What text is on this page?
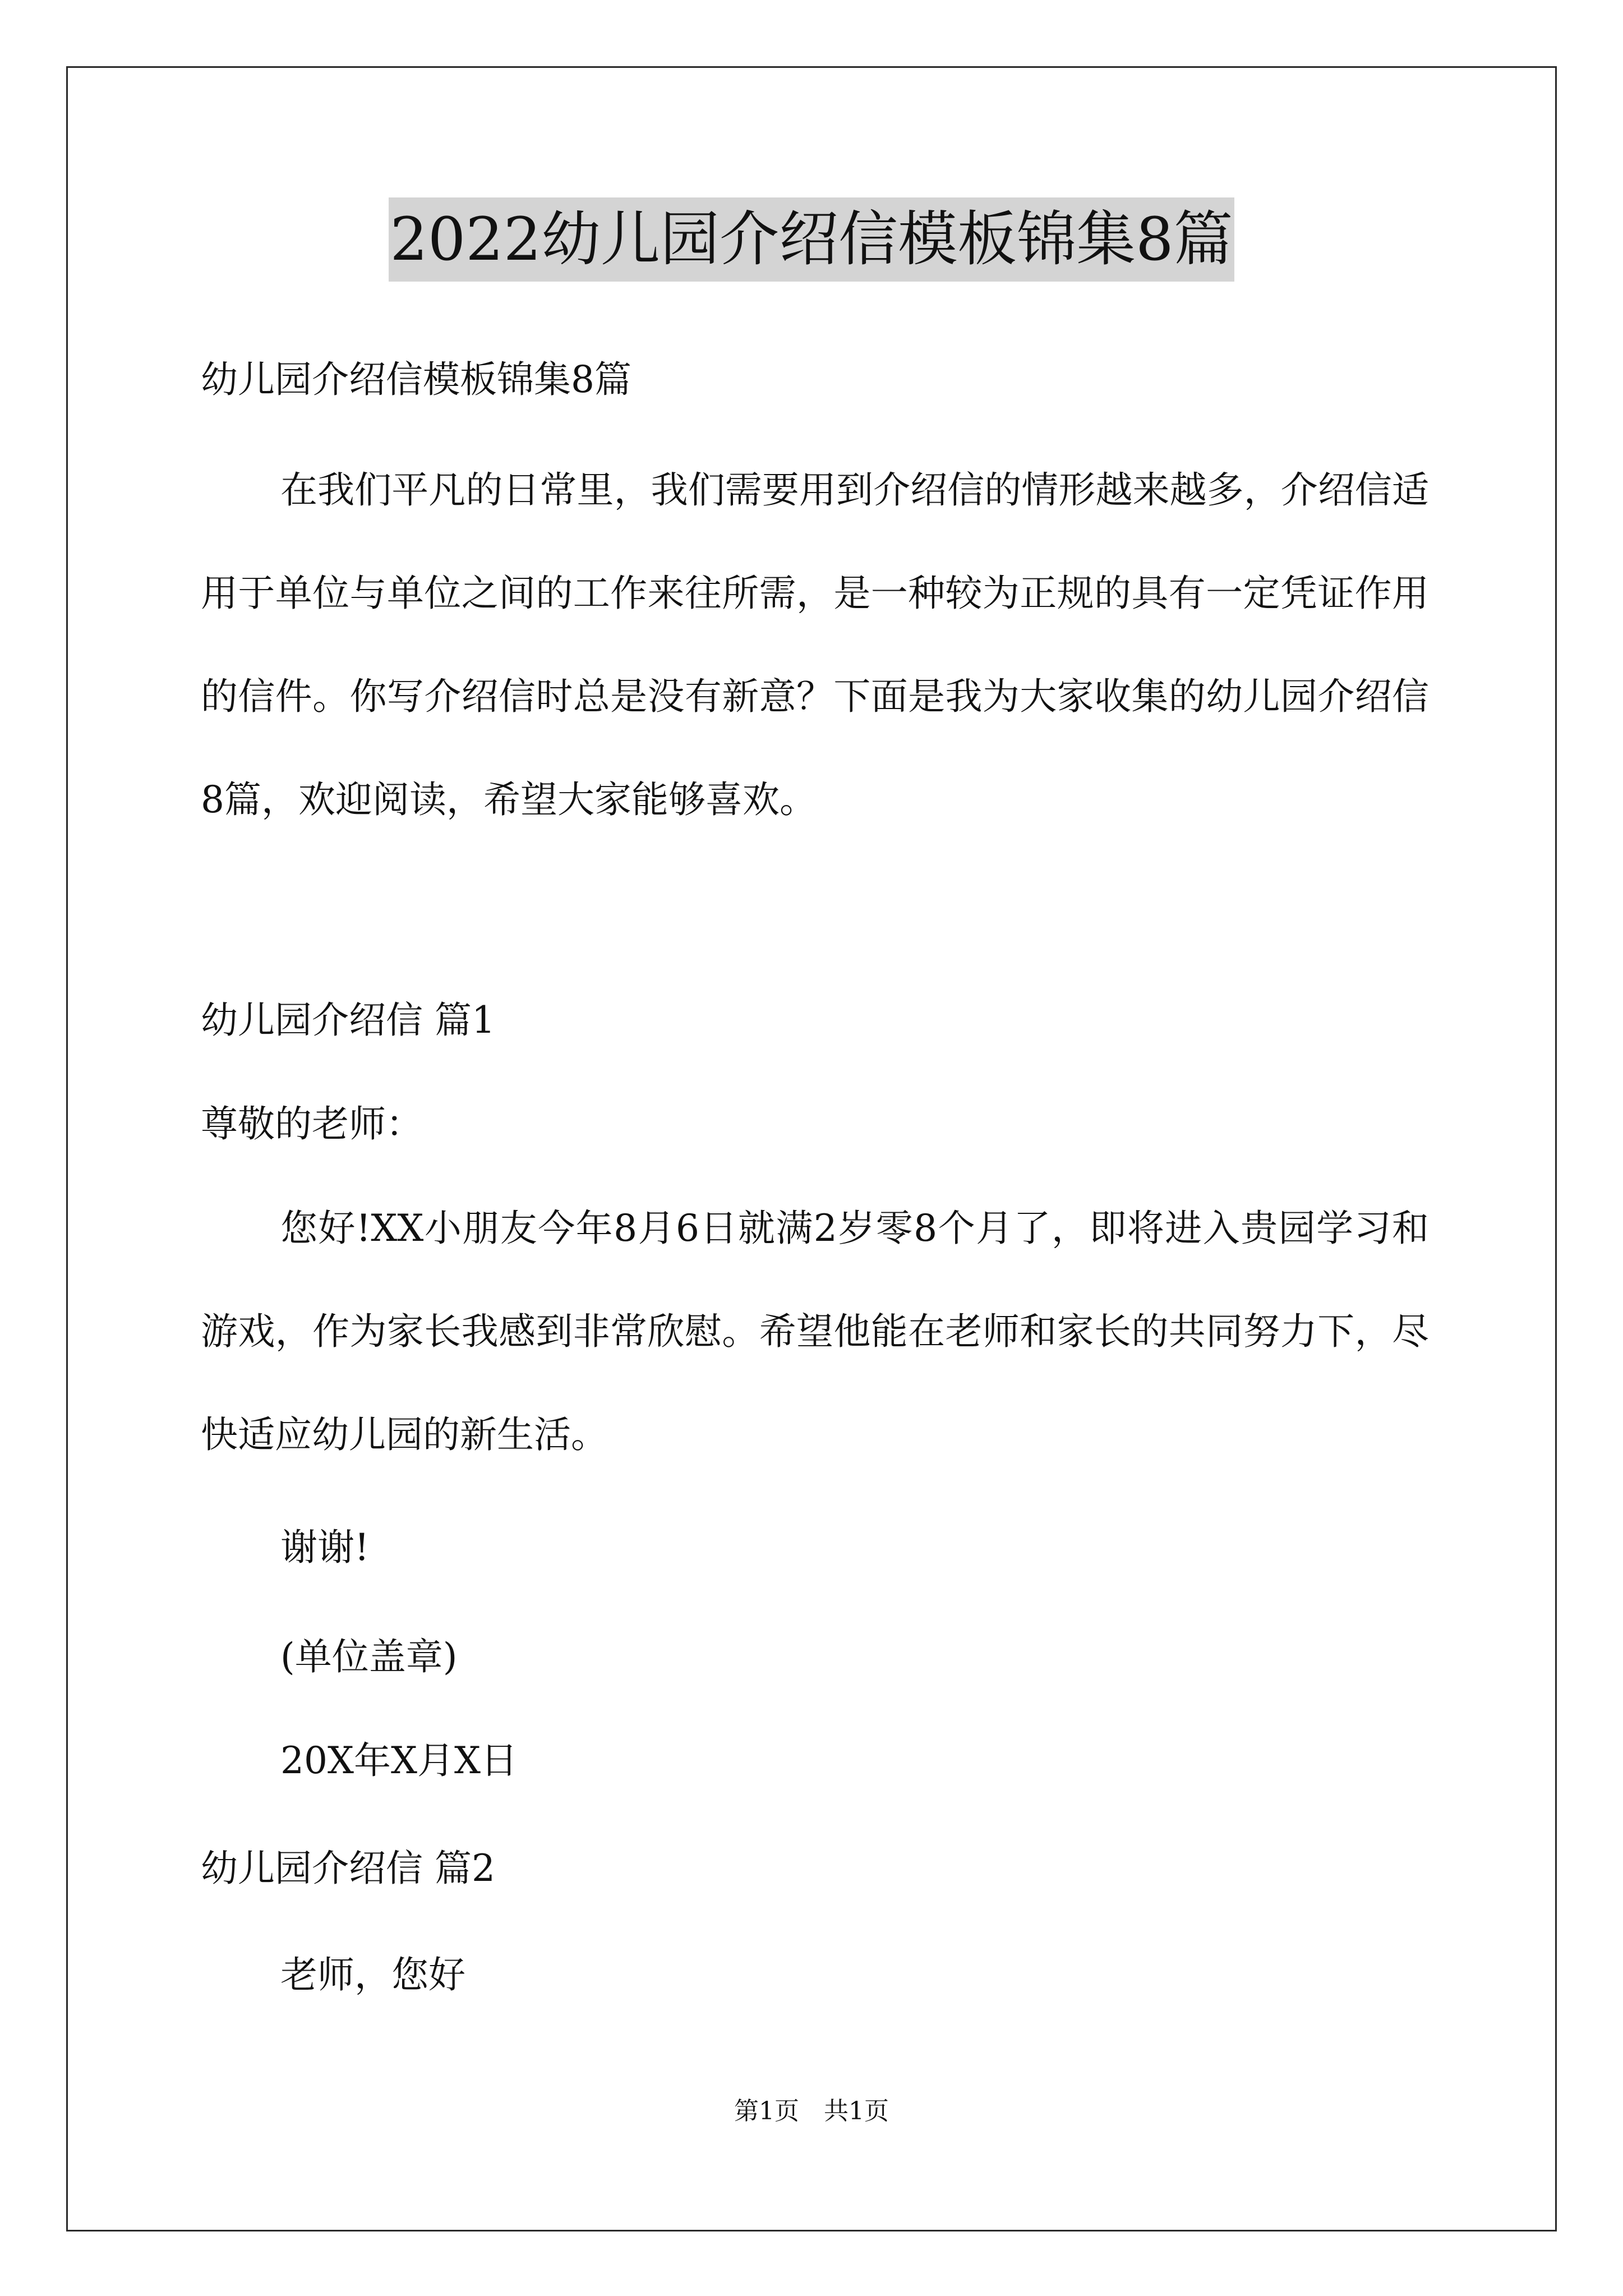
2022幼儿园介绍信模板锦集8篇
幼儿园介绍信模板锦集8篇
在我们平凡的日常里，我们需要用到介绍信的情形越来越多，介绍信适用于单位与单位之间的工作来往所需，是一种较为正规的具有一定凭证作用的信件。你写介绍信时总是没有新意？下面是我为大家收集的幼儿园介绍信8篇，欢迎阅读，希望大家能够喜欢。
幼儿园介绍信 篇1
尊敬的老师：
您好!XX小朋友今年8月6日就满2岁零8个月了，即将进入贵园学习和游戏，作为家长我感到非常欣慰。希望他能在老师和家长的共同努力下，尽快适应幼儿园的新生活。
谢谢!
(单位盖章)
20X年X月X日
幼儿园介绍信 篇2
老师，您好
第1页　共1页
